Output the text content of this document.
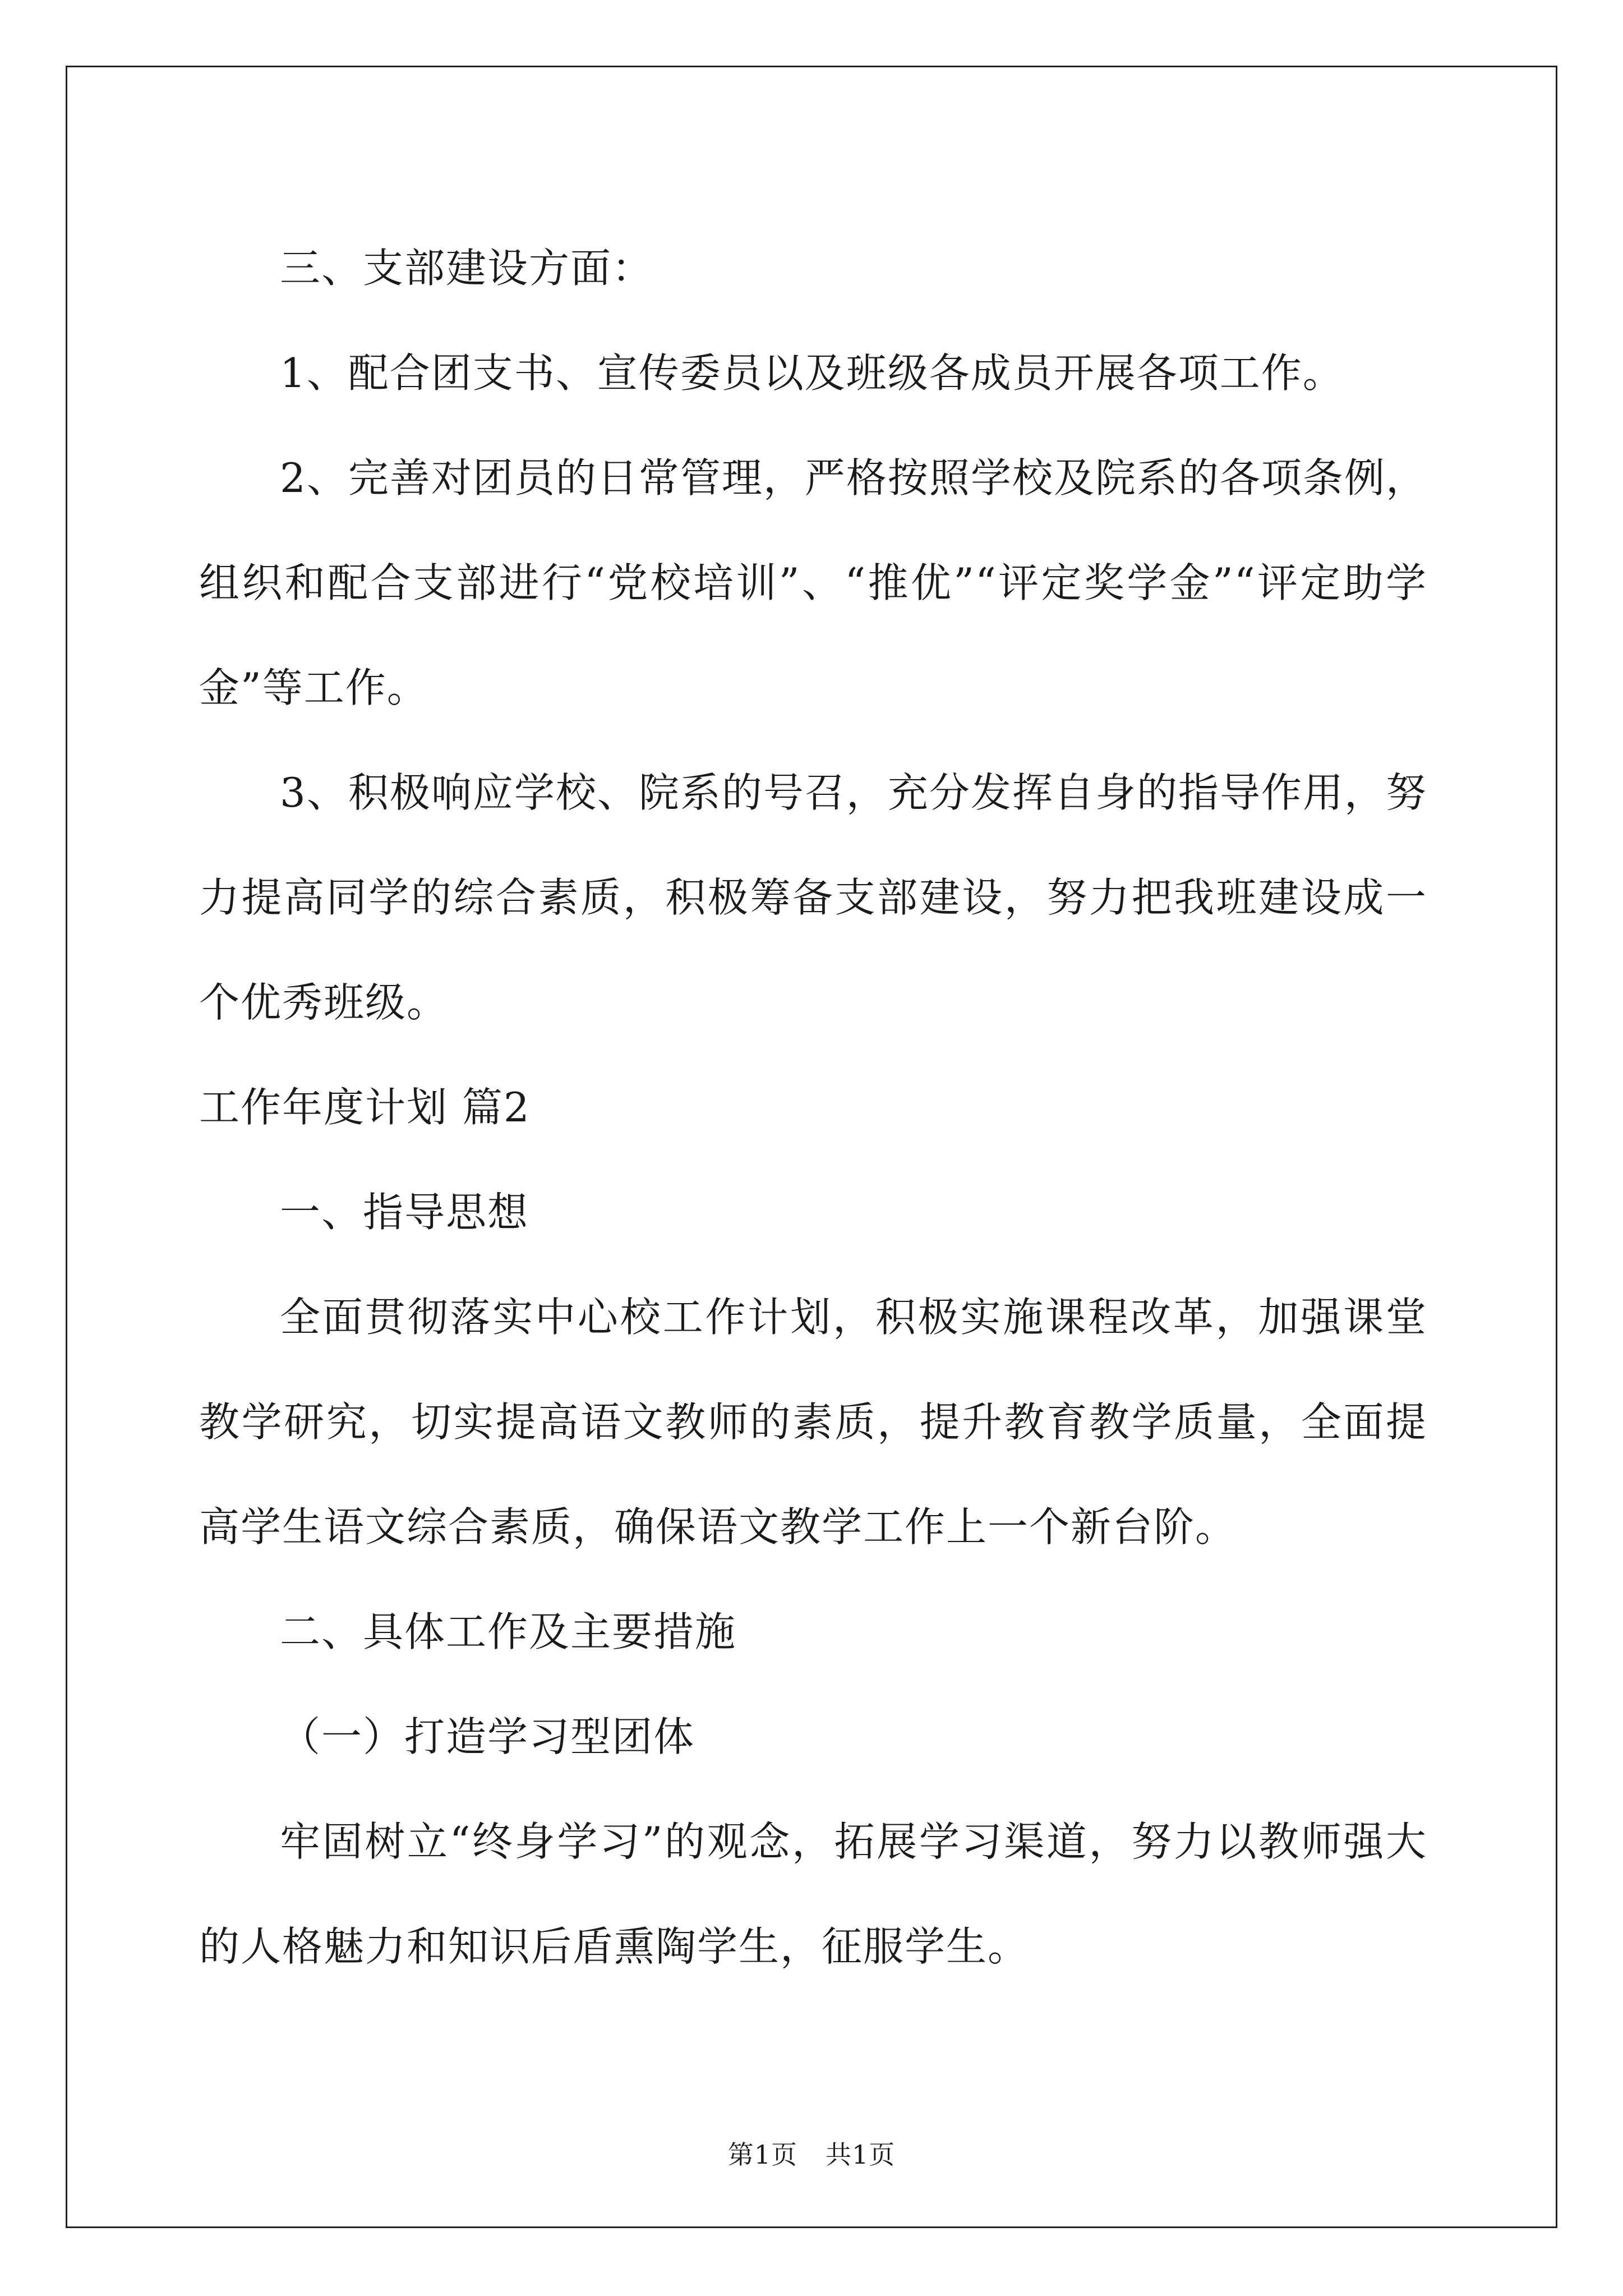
三、支部建设方面：

1、配合团支书、宣传委员以及班级各成员开展各项工作。

2、完善对团员的日常管理，严格按照学校及院系的各项条例，组织和配合支部进行“党校培训”、“推优”“评定奖学金”“评定助学金”等工作。

3、积极响应学校、院系的号召，充分发挥自身的指导作用，努力提高同学的综合素质，积极筹备支部建设，努力把我班建设成一个优秀班级。

工作年度计划 篇2

一、指导思想

全面贯彻落实中心校工作计划，积极实施课程改革，加强课堂教学研究，切实提高语文教师的素质，提升教育教学质量，全面提高学生语文综合素质，确保语文教学工作上一个新台阶。

二、具体工作及主要措施

（一）打造学习型团体

牢固树立“终身学习”的观念，拓展学习渠道，努力以教师强大的人格魅力和知识后盾熏陶学生，征服学生。

第1页 共1页
